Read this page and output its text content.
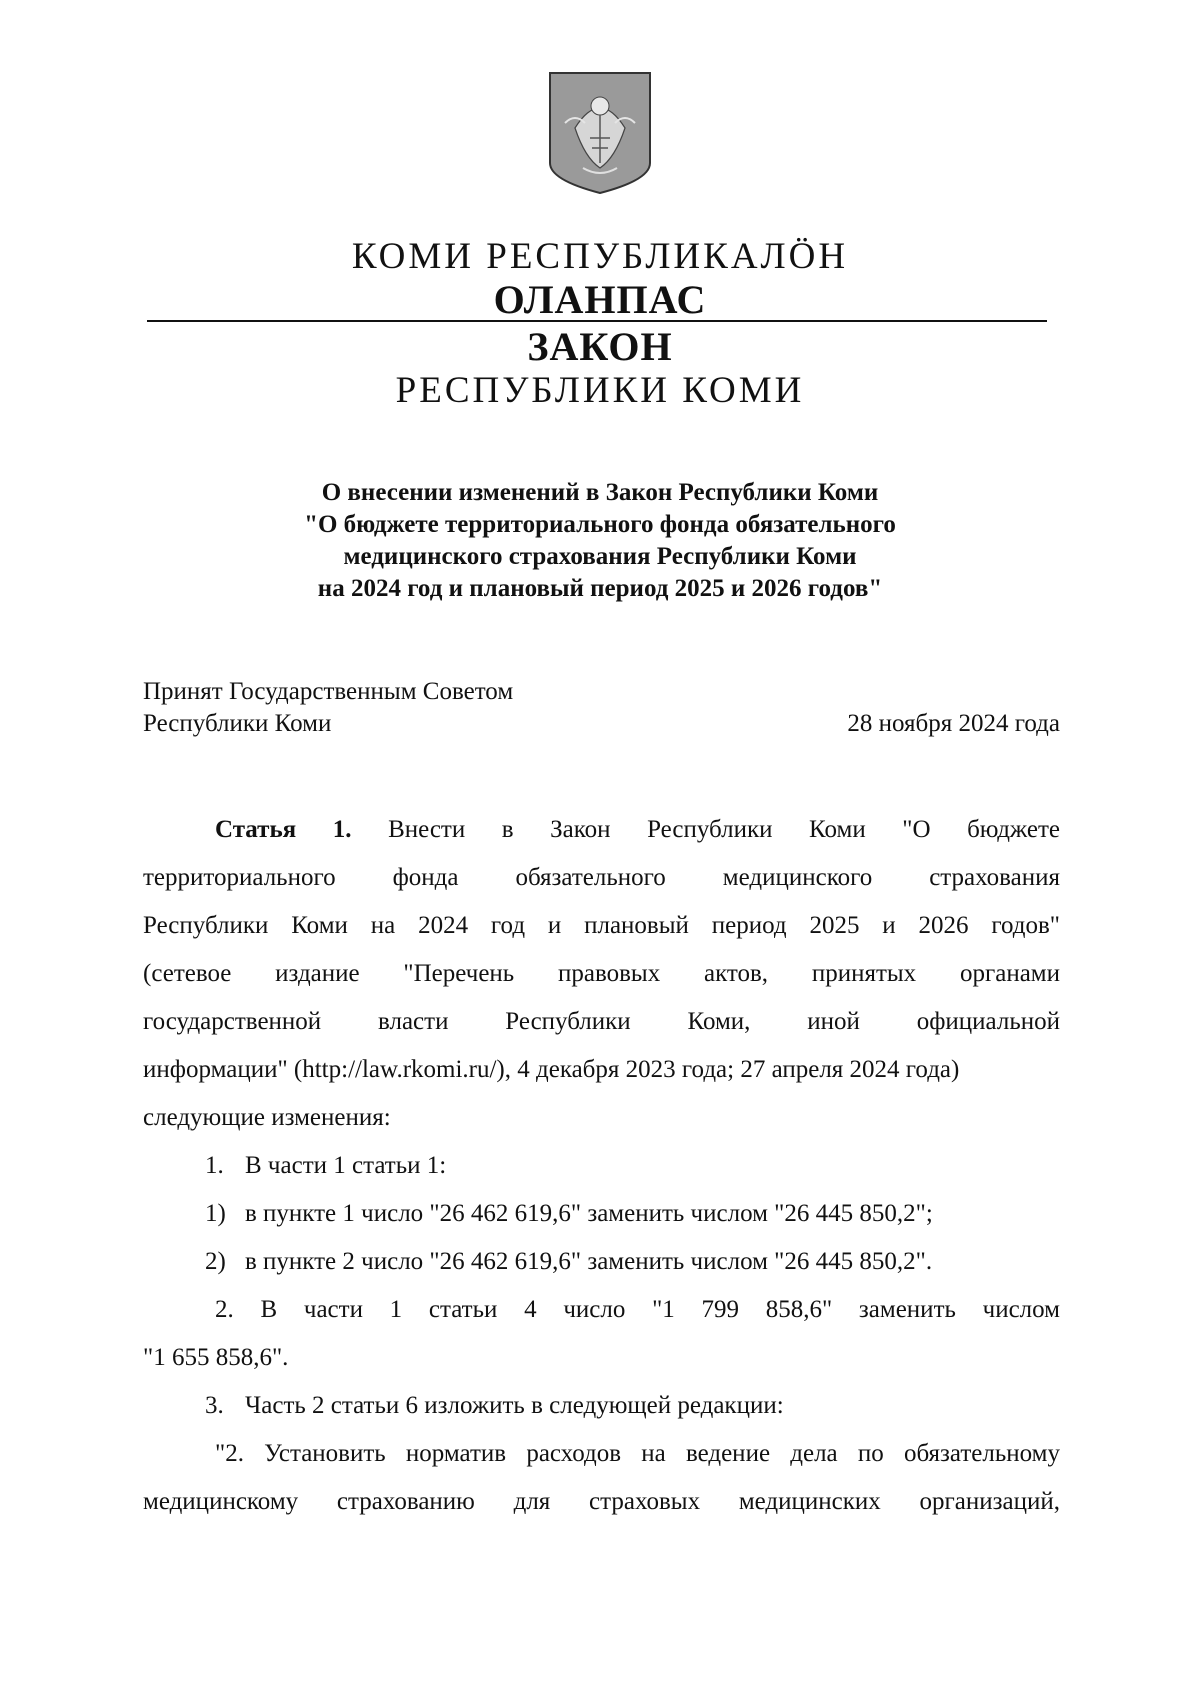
КОМИ РЕСПУБЛИКАЛӦН
ОЛАНПАС
ЗАКОН
РЕСПУБЛИКИ КОМИ
О внесении изменений в Закон Республики Коми
"О бюджете территориального фонда обязательного
медицинского страхования Республики Коми
на 2024 год и плановый период 2025 и 2026 годов"
Принят Государственным Советом
Республики Коми	28 ноября 2024 года
Статья 1. Внести в Закон Республики Коми "О бюджете
территориального фонда обязательного медицинского страхования
Республики Коми на 2024 год и плановый период 2025 и 2026 годов"
(сетевое издание "Перечень правовых актов, принятых органами
государственной власти Республики Коми, иной официальной
информации" (http://law.rkomi.ru/), 4 декабря 2023 года; 27 апреля 2024 года)
следующие изменения:
1. В части 1 статьи 1:
1) в пункте 1 число "26 462 619,6" заменить числом "26 445 850,2";
2) в пункте 2 число "26 462 619,6" заменить числом "26 445 850,2".
2. В части 1 статьи 4 число "1 799 858,6" заменить числом
"1 655 858,6".
3. Часть 2 статьи 6 изложить в следующей редакции:
"2. Установить норматив расходов на ведение дела по обязательному
медицинскому страхованию для страховых медицинских организаций,
